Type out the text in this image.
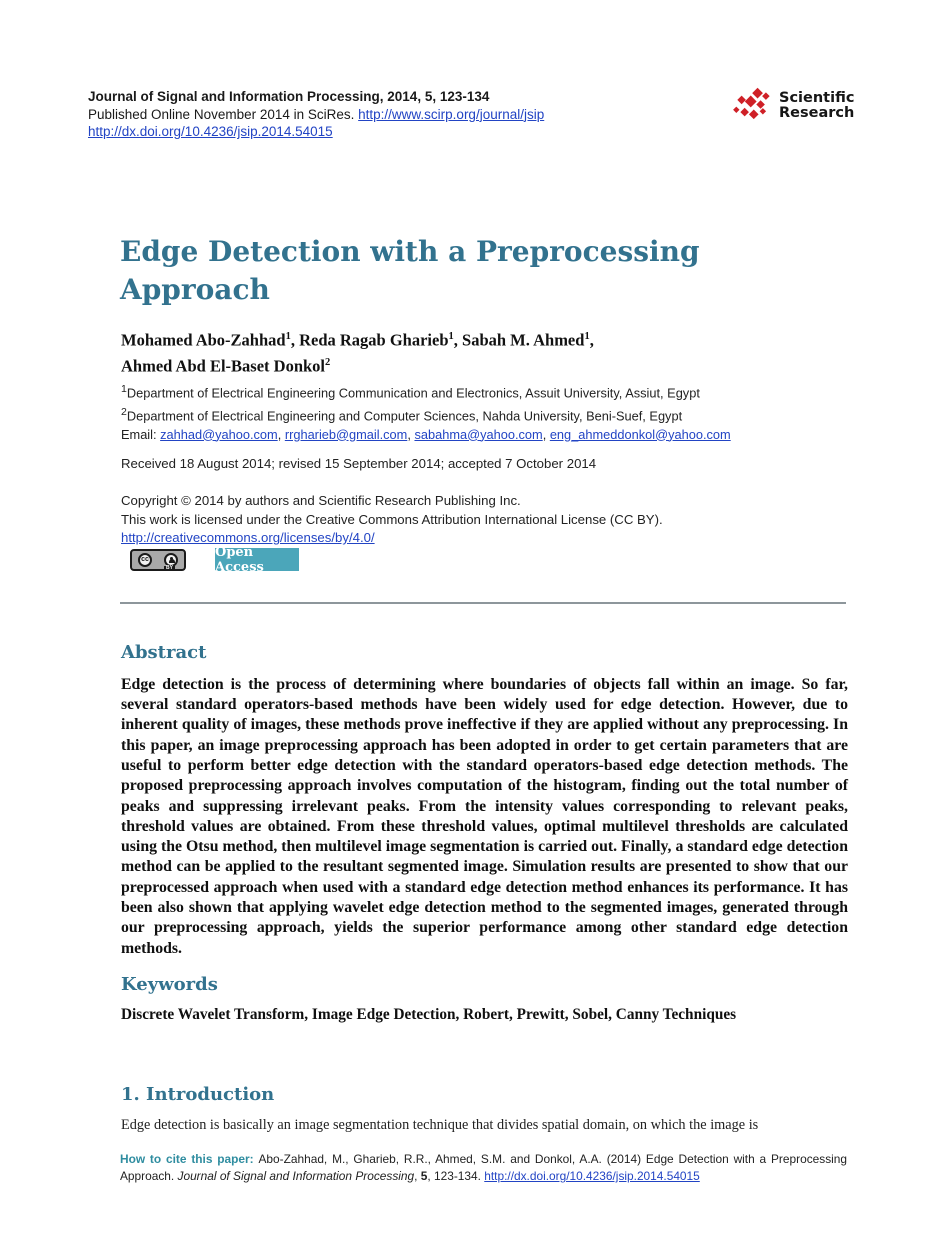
Journal of Signal and Information Processing, 2014, 5, 123-134
Published Online November 2014 in SciRes. http://www.scirp.org/journal/jsip
http://dx.doi.org/10.4236/jsip.2014.54015
Scientific
Research
Edge Detection with a Preprocessing Approach
Mohamed Abo-Zahhad$^1$, Reda Ragab Gharieb$^1$, Sabah M. Ahmed$^1$,
Ahmed Abd El-Baset Donkol$^2$
$^1$Department of Electrical Engineering Communication and Electronics, Assuit University, Assiut, Egypt
$^2$Department of Electrical Engineering and Computer Sciences, Nahda University, Beni-Suef, Egypt
Email: zahhad@yahoo.com, rrgharieb@gmail.com, sabahma@yahoo.com, eng_ahmeddonkol@yahoo.com
Received 18 August 2014; revised 15 September 2014; accepted 7 October 2014
Copyright © 2014 by authors and Scientific Research Publishing Inc.
This work is licensed under the Creative Commons Attribution International License (CC BY).
http://creativecommons.org/licenses/by/4.0/
cc
BY
Open Access
Abstract

Edge detection is the process of determining where boundaries of objects fall within an image. So far, several standard operators-based methods have been widely used for edge detection. However, due to inherent quality of images, these methods prove ineffective if they are applied without any preprocessing. In this paper, an image preprocessing approach has been adopted in order to get certain parameters that are useful to perform better edge detection with the standard operators-based edge detection methods. The proposed preprocessing approach involves computation of the histogram, finding out the total number of peaks and suppressing irrelevant peaks. From the intensity values corresponding to relevant peaks, threshold values are obtained. From these threshold values, optimal multilevel thresholds are calculated using the Otsu method, then multilevel image segmentation is carried out. Finally, a standard edge detection method can be applied to the resultant segmented image. Simulation results are presented to show that our preprocessed approach when used with a standard edge detection method enhances its performance. It has been also shown that applying wavelet edge detection method to the segmented images, generated through our preprocessing approach, yields the superior performance among other standard edge detection methods.

Keywords

Discrete Wavelet Transform, Image Edge Detection, Robert, Prewitt, Sobel, Canny Techniques

1. Introduction

Edge detection is basically an image segmentation technique that divides spatial domain, on which the image is

How to cite this paper: Abo-Zahhad, M., Gharieb, R.R., Ahmed, S.M. and Donkol, A.A. (2014) Edge Detection with a Preprocessing Approach. Journal of Signal and Information Processing, 5, 123-134. http://dx.doi.org/10.4236/jsip.2014.54015
